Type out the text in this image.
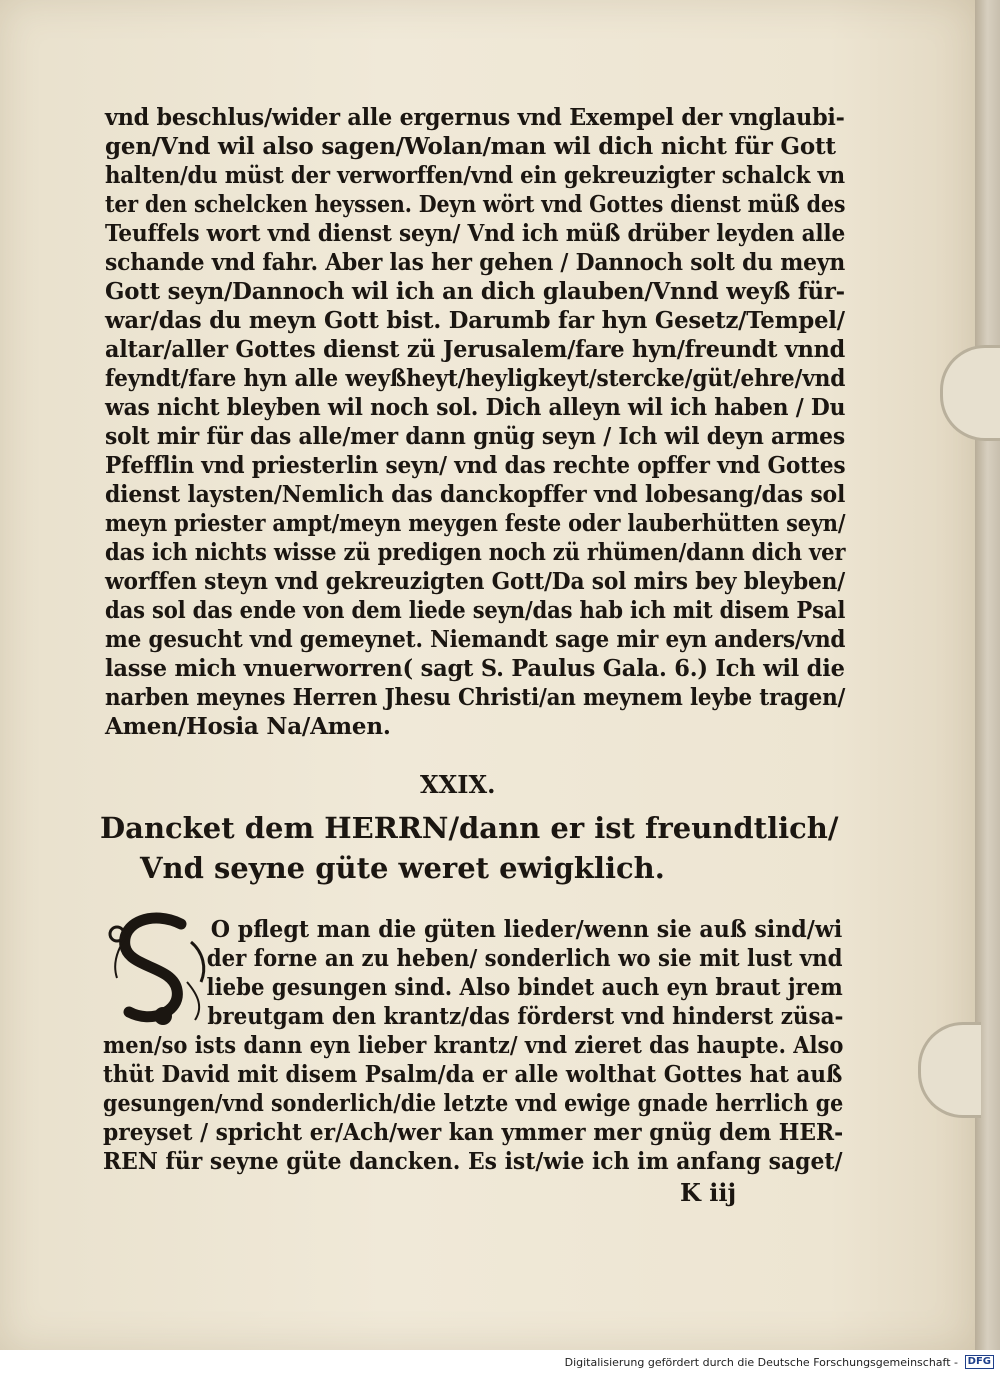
vnd beschlus/wider alle ergernus vnd Exempel der vnglaubi-
gen/Vnd wil also sagen/Wolan/man wil dich nicht für Gott
halten/du müst der verworffen/vnd ein gekreuzigter schalck vn
ter den schelcken heyssen. Deyn wört vnd Gottes dienst müß des
Teuffels wort vnd dienst seyn/ Vnd ich müß drüber leyden alle
schande vnd fahr. Aber las her gehen / Dannoch solt du meyn
Gott seyn/Dannoch wil ich an dich glauben/Vnnd weyß für-
war/das du meyn Gott bist. Darumb far hyn Gesetz/Tempel/
altar/aller Gottes dienst zü Jerusalem/fare hyn/freundt vnnd
feyndt/fare hyn alle weyßheyt/heyligkeyt/stercke/güt/ehre/vnd
was nicht bleyben wil noch sol. Dich alleyn wil ich haben / Du
solt mir für das alle/mer dann gnüg seyn / Ich wil deyn armes
Pfefflin vnd priesterlin seyn/ vnd das rechte opffer vnd Gottes
dienst laysten/Nemlich das danckopffer vnd lobesang/das sol
meyn priester ampt/meyn meygen feste oder lauberhütten seyn/
das ich nichts wisse zü predigen noch zü rhümen/dann dich ver
worffen steyn vnd gekreuzigten Gott/Da sol mirs bey bleyben/
das sol das ende von dem liede seyn/das hab ich mit disem Psal
me gesucht vnd gemeynet. Niemandt sage mir eyn anders/vnd
lasse mich vnuerworren( sagt S. Paulus Gala. 6.) Ich wil die
narben meynes Herren Jhesu Christi/an meynem leybe tragen/
Amen/Hosia Na/Amen.
XXIX.
Dancket dem HERRN/dann er ist freundtlich/
Vnd seyne güte weret ewigklich.
O pflegt man die güten lieder/wenn sie auß sind/wi
der forne an zu heben/ sonderlich wo sie mit lust vnd
liebe gesungen sind. Also bindet auch eyn braut jrem
breutgam den krantz/das förderst vnd hinderst züsa-
men/so ists dann eyn lieber krantz/ vnd zieret das haupte. Also
thüt David mit disem Psalm/da er alle wolthat Gottes hat auß
gesungen/vnd sonderlich/die letzte vnd ewige gnade herrlich ge
preyset / spricht er/Ach/wer kan ymmer mer gnüg dem HER-
REN für seyne güte dancken. Es ist/wie ich im anfang saget/
K iij
Digitalisierung gefördert durch die Deutsche Forschungsgemeinschaft - DFG
